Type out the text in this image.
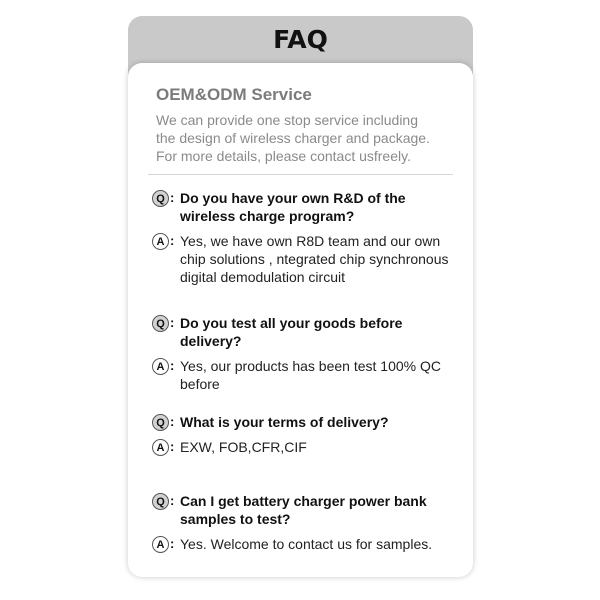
FAQ
OEM&ODM Service
We can provide one stop service including
the design of wireless charger and package.
For more details, please contact usfreely.
Q : Do you have your own R&D of the
wireless charge program?
A : Yes, we have own R8D team and our own
chip solutions , ntegrated chip synchronous
digital demodulation circuit
Q : Do you test all your goods before
delivery?
A : Yes, our products has been test 100% QC
before
Q : What is your terms of delivery?
A : EXW, FOB,CFR,CIF
Q : Can I get battery charger power bank
samples to test?
A : Yes. Welcome to contact us for samples.
